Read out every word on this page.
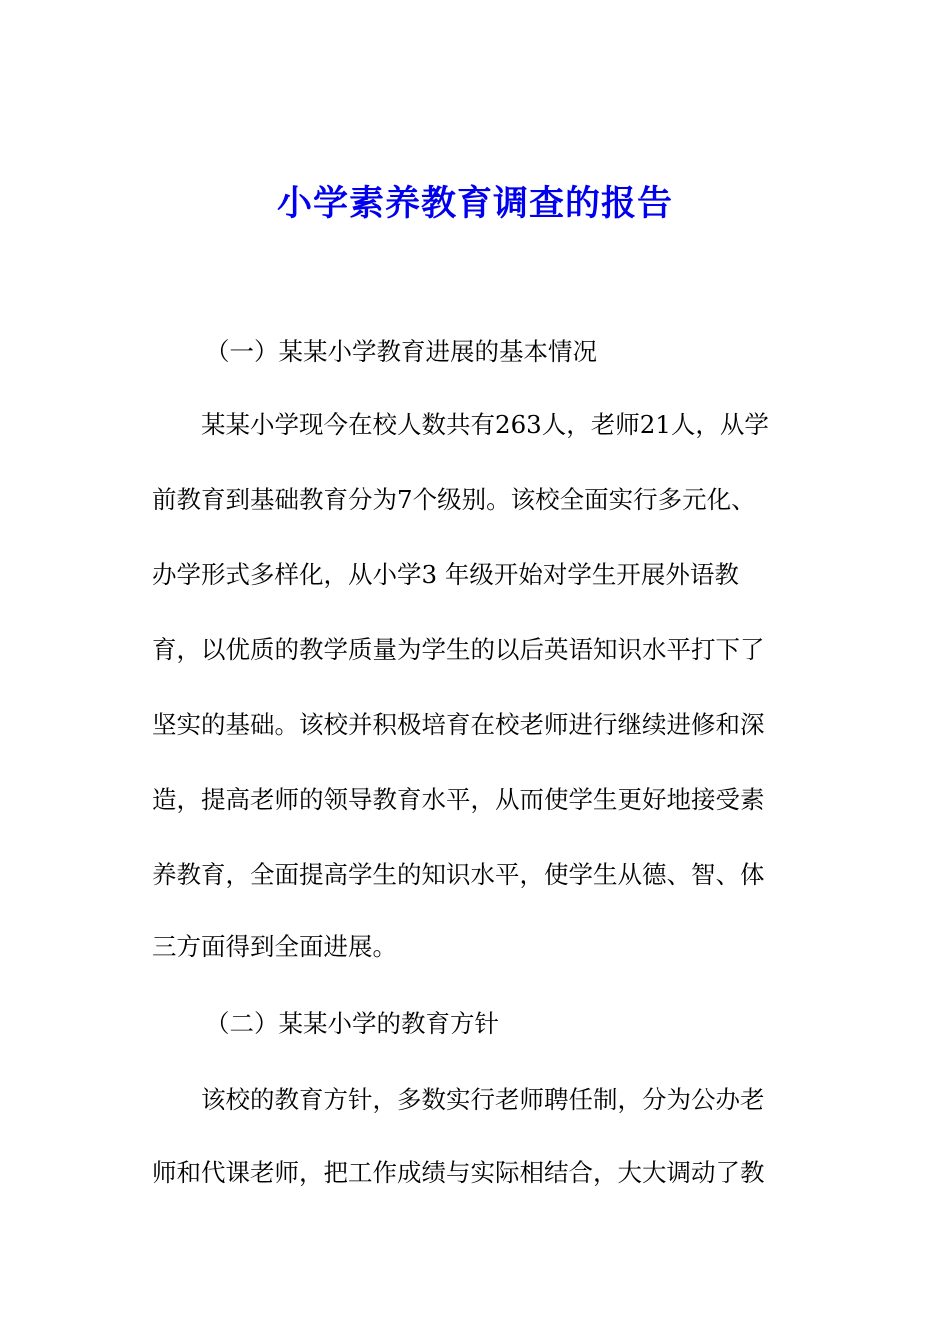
小学素养教育调查的报告

（一）某某小学教育进展的基本情况

某某小学现今在校人数共有263人，老师21人，从学

前教育到基础教育分为7个级别。该校全面实行多元化、

办学形式多样化，从小学3 年级开始对学生开展外语教

育，以优质的教学质量为学生的以后英语知识水平打下了

坚实的基础。该校并积极培育在校老师进行继续进修和深

造，提高老师的领导教育水平，从而使学生更好地接受素

养教育，全面提高学生的知识水平，使学生从德、智、体

三方面得到全面进展。

（二）某某小学的教育方针

该校的教育方针，多数实行老师聘任制，分为公办老

师和代课老师，把工作成绩与实际相结合，大大调动了教
